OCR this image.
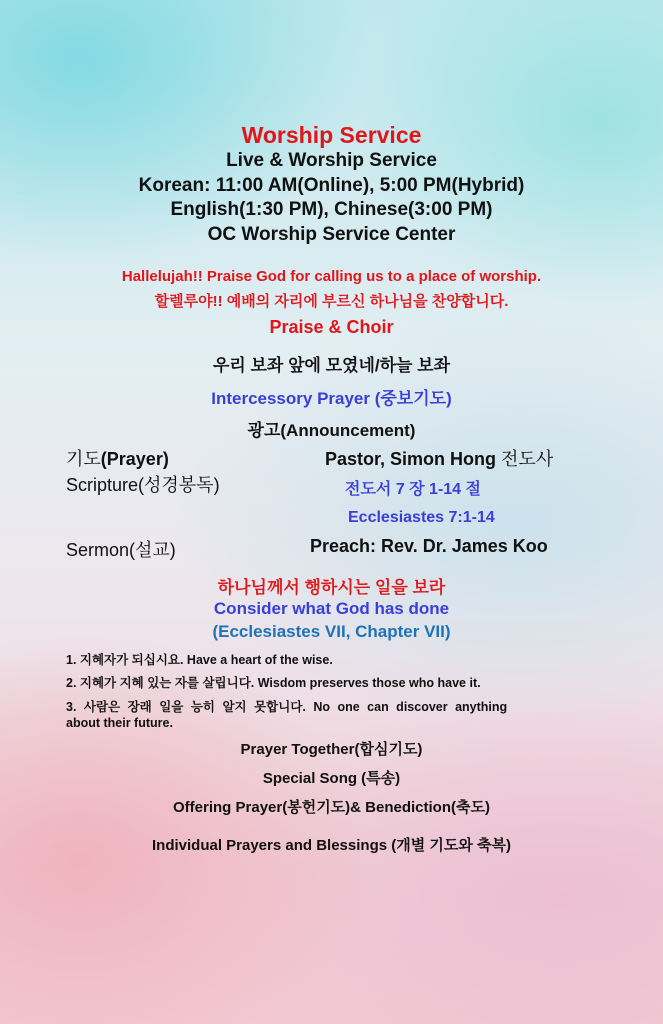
Worship Service
Live & Worship Service
Korean: 11:00 AM(Online), 5:00 PM(Hybrid)
English(1:30 PM), Chinese(3:00 PM)
OC Worship Service Center
Hallelujah!! Praise God for calling us to a place of worship.
할렐루야!! 예배의 자리에 부르신 하나님을 찬양합니다.
Praise & Choir
우리 보좌 앞에 모였네/하늘 보좌
Intercessory Prayer (중보기도)
광고(Announcement)
기도(Prayer)	Pastor, Simon Hong 전도사
Scripture(성경봉독)	전도서 7 장 1-14 절
Ecclesiastes 7:1-14
Sermon(설교)	Preach: Rev. Dr. James Koo
하나님께서 행하시는 일을 보라
Consider what God has done
(Ecclesiastes VII, Chapter VII)
1. 지혜자가 되십시요. Have a heart of the wise.
2. 지혜가 지혜 있는 자를 살립니다. Wisdom preserves those who have it.
3. 사람은 장래 일을 능히 알지 못합니다. No one can discover anything
about their future.
Prayer Together(합심기도)
Special Song (특송)
Offering Prayer(봉헌기도)& Benediction(축도)
Individual Prayers and Blessings (개별 기도와 축복)
